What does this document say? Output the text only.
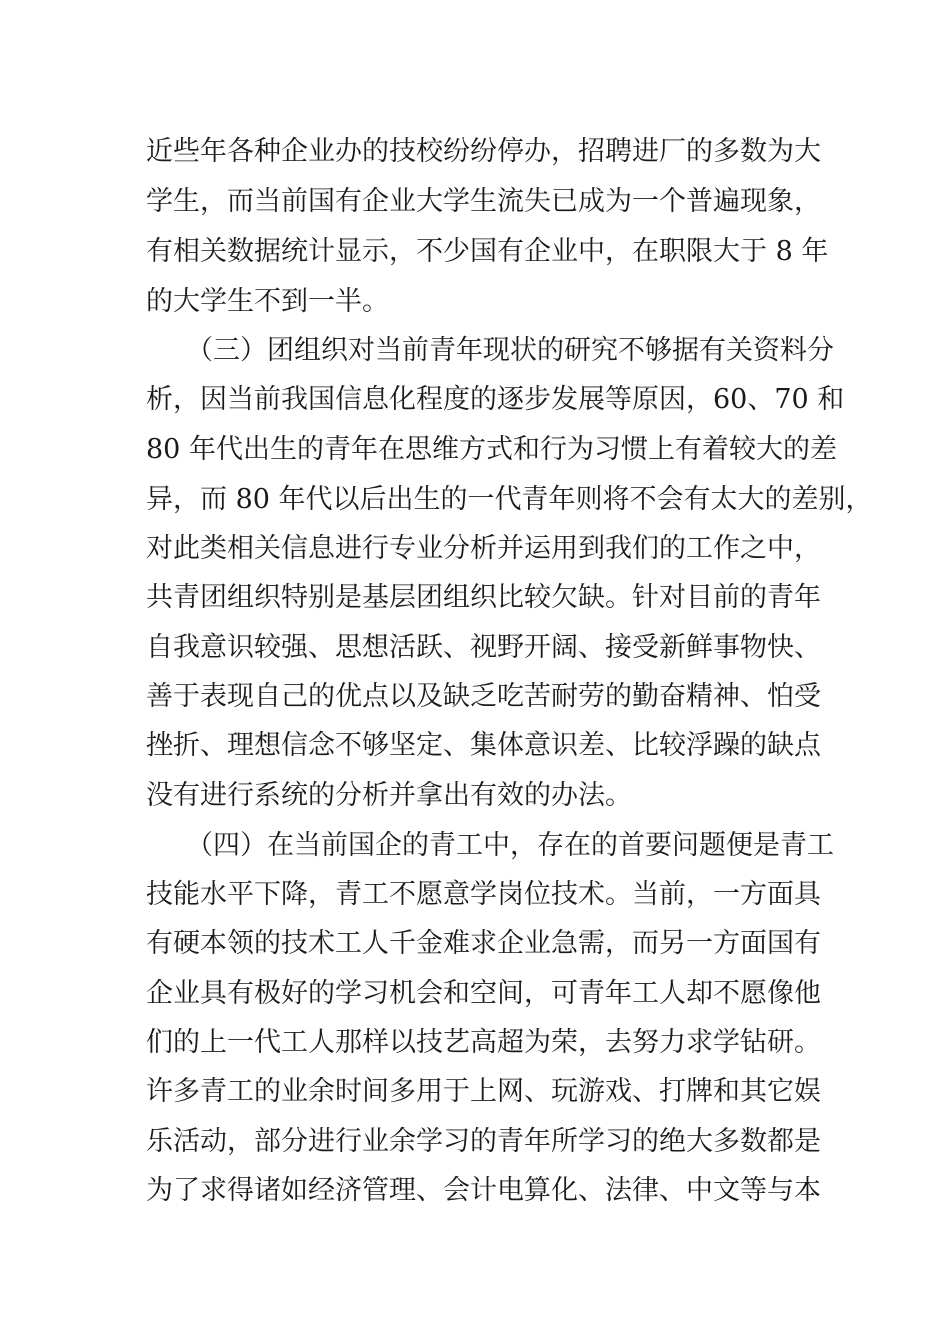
近些年各种企业办的技校纷纷停办，招聘进厂的多数为大
学生，而当前国有企业大学生流失已成为一个普遍现象，
有相关数据统计显示，不少国有企业中，在职限大于 8 年
的大学生不到一半。
（三）团组织对当前青年现状的研究不够据有关资料分
析，因当前我国信息化程度的逐步发展等原因，60、70 和
80 年代出生的青年在思维方式和行为习惯上有着较大的差
异，而 80 年代以后出生的一代青年则将不会有太大的差别，
对此类相关信息进行专业分析并运用到我们的工作之中，
共青团组织特别是基层团组织比较欠缺。针对目前的青年
自我意识较强、思想活跃、视野开阔、接受新鲜事物快、
善于表现自己的优点以及缺乏吃苦耐劳的勤奋精神、怕受
挫折、理想信念不够坚定、集体意识差、比较浮躁的缺点
没有进行系统的分析并拿出有效的办法。
（四）在当前国企的青工中，存在的首要问题便是青工
技能水平下降，青工不愿意学岗位技术。当前，一方面具
有硬本领的技术工人千金难求企业急需，而另一方面国有
企业具有极好的学习机会和空间，可青年工人却不愿像他
们的上一代工人那样以技艺高超为荣，去努力求学钻研。
许多青工的业余时间多用于上网、玩游戏、打牌和其它娱
乐活动，部分进行业余学习的青年所学习的绝大多数都是
为了求得诸如经济管理、会计电算化、法律、中文等与本
